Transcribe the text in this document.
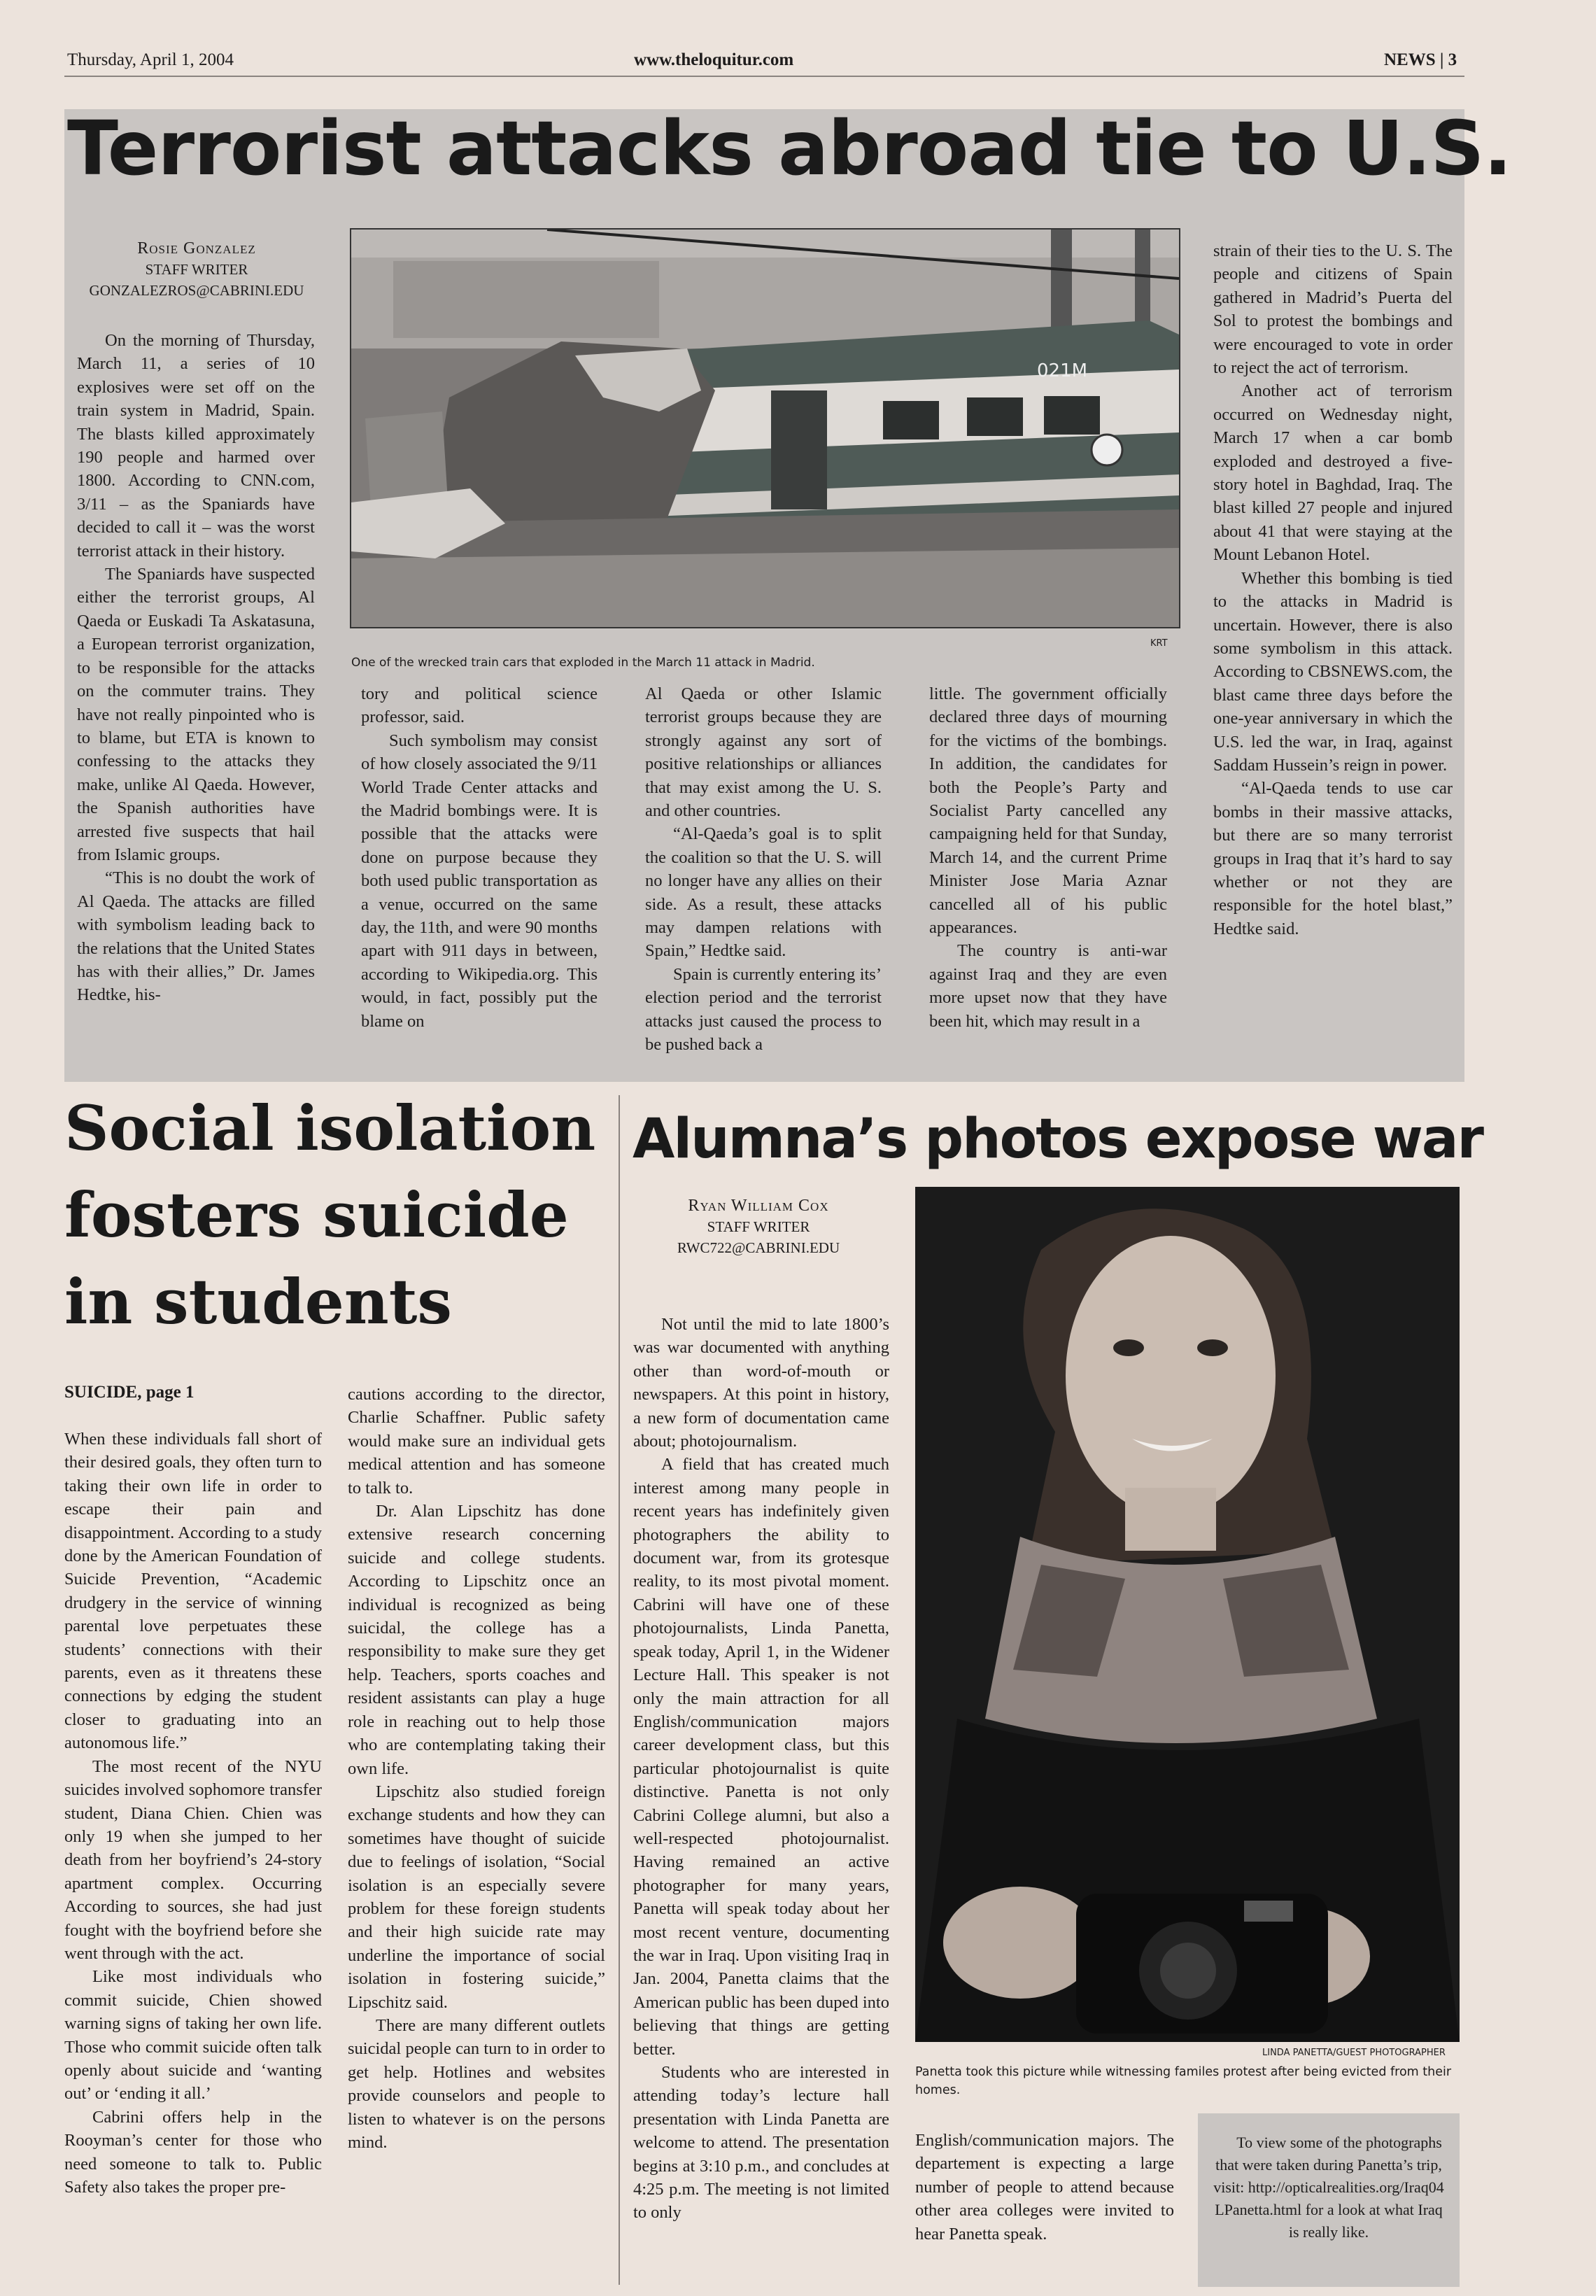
Thursday, April 1, 2004	www.theloquitur.com	NEWS | 3
Terrorist attacks abroad tie to U.S.
Rosie Gonzalez
STAFF WRITER
GONZALEZROS@CABRINI.EDU
021M
One of the wrecked train cars that exploded in the March 11 attack in Madrid.
KRT

On the morning of Thursday, March 11, a series of 10 explosives were set off on the train system in Madrid, Spain. The blasts killed approximately 190 people and harmed over 1800. According to CNN.com, 3/11 – as the Spaniards have decided to call it – was the worst terrorist attack in their history.

The Spaniards have suspected either the terrorist groups, Al Qaeda or Euskadi Ta Askatasuna, a European terrorist organization, to be responsible for the attacks on the commuter trains. They have not really pinpointed who is to blame, but ETA is known to confessing to the attacks they make, unlike Al Qaeda. However, the Spanish authorities have arrested five suspects that hail from Islamic groups.

“This is no doubt the work of Al Qaeda. The attacks are filled with symbolism leading back to the relations that the United States has with their allies,” Dr. James Hedtke, his-

tory and political science professor, said.

Such symbolism may consist of how closely associated the 9/11 World Trade Center attacks and the Madrid bombings were. It is possible that the attacks were done on purpose because they both used public transportation as a venue, occurred on the same day, the 11th, and were 90 months apart with 911 days in between, according to Wikipedia.org. This would, in fact, possibly put the blame on

Al Qaeda or other Islamic terrorist groups because they are strongly against any sort of positive relationships or alliances that may exist among the U. S. and other countries.

“Al-Qaeda’s goal is to split the coalition so that the U. S. will no longer have any allies on their side. As a result, these attacks may dampen relations with Spain,” Hedtke said.

Spain is currently entering its’ election period and the terrorist attacks just caused the process to be pushed back a

little. The government officially declared three days of mourning for the victims of the bombings. In addition, the candidates for both the People’s Party and Socialist Party cancelled any campaigning held for that Sunday, March 14, and the current Prime Minister Jose Maria Aznar cancelled all of his public appearances.

The country is anti-war against Iraq and they are even more upset now that they have been hit, which may result in a

strain of their ties to the U. S. The people and citizens of Spain gathered in Madrid’s Puerta del Sol to protest the bombings and were encouraged to vote in order to reject the act of terrorism.

Another act of terrorism occurred on Wednesday night, March 17 when a car bomb exploded and destroyed a five-story hotel in Baghdad, Iraq. The blast killed 27 people and injured about 41 that were staying at the Mount Lebanon Hotel.

Whether this bombing is tied to the attacks in Madrid is uncertain. However, there is also some symbolism in this attack. According to CBSNEWS.com, the blast came three days before the one-year anniversary in which the U.S. led the war, in Iraq, against Saddam Hussein’s reign in power.

“Al-Qaeda tends to use car bombs in their massive attacks, but there are so many terrorist groups in Iraq that it’s hard to say whether or not they are responsible for the hotel blast,” Hedtke said.

Social isolation
fosters suicide
in students
SUICIDE, page 1

When these individuals fall short of their desired goals, they often turn to taking their own life in order to escape their pain and disappointment. According to a study done by the American Foundation of Suicide Prevention, “Academic drudgery in the service of winning parental love perpetuates these students’ connections with their parents, even as it threatens these connections by edging the student closer to graduating into an autonomous life.”

The most recent of the NYU suicides involved sophomore transfer student, Diana Chien. Chien was only 19 when she jumped to her death from her boyfriend’s 24-story apartment complex. Occurring According to sources, she had just fought with the boyfriend before she went through with the act.

Like most individuals who commit suicide, Chien showed warning signs of taking her own life. Those who commit suicide often talk openly about suicide and ‘wanting out’ or ‘ending it all.’

Cabrini offers help in the Rooyman’s center for those who need someone to talk to. Public Safety also takes the proper pre-

cautions according to the director, Charlie Schaffner. Public safety would make sure an individual gets medical attention and has someone to talk to.

Dr. Alan Lipschitz has done extensive research concerning suicide and college students. According to Lipschitz once an individual is recognized as being suicidal, the college has a responsibility to make sure they get help. Teachers, sports coaches and resident assistants can play a huge role in reaching out to help those who are contemplating taking their own life.

Lipschitz also studied foreign exchange students and how they can sometimes have thought of suicide due to feelings of isolation, “Social isolation is an especially severe problem for these foreign students and their high suicide rate may underline the importance of social isolation in fostering suicide,” Lipschitz said.

There are many different outlets suicidal people can turn to in order to get help. Hotlines and websites provide counselors and people to listen to whatever is on the persons mind.

Alumna’s photos expose war
Ryan William Cox
STAFF WRITER
RWC722@CABRINI.EDU
LINDA PANETTA/GUEST PHOTOGRAPHER
Panetta took this picture while witnessing familes protest after being evicted from their homes.

Not until the mid to late 1800’s was war documented with anything other than word-of-mouth or newspapers. At this point in history, a new form of documentation came about; photojournalism.

A field that has created much interest among many people in recent years has indefinitely given photographers the ability to document war, from its grotesque reality, to its most pivotal moment. Cabrini will have one of these photojournalists, Linda Panetta, speak today, April 1, in the Widener Lecture Hall. This speaker is not only the main attraction for all English/communication majors career development class, but this particular photojournalist is quite distinctive. Panetta is not only Cabrini College alumni, but also a well-respected photojournalist. Having remained an active photographer for many years, Panetta will speak today about her most recent venture, documenting the war in Iraq. Upon visiting Iraq in Jan. 2004, Panetta claims that the American public has been duped into believing that things are getting better.

Students who are interested in attending today’s lecture hall presentation with Linda Panetta are welcome to attend. The presentation begins at 3:10 p.m., and concludes at 4:25 p.m. The meeting is not limited to only

English/communication majors. The departement is expecting a large number of people to attend because other area colleges were invited to hear Panetta speak.

To view some of the photographs that were taken during Panetta’s trip, visit: http://opticalrealities.org/Iraq04LPanetta.html for a look at what Iraq is really like.
